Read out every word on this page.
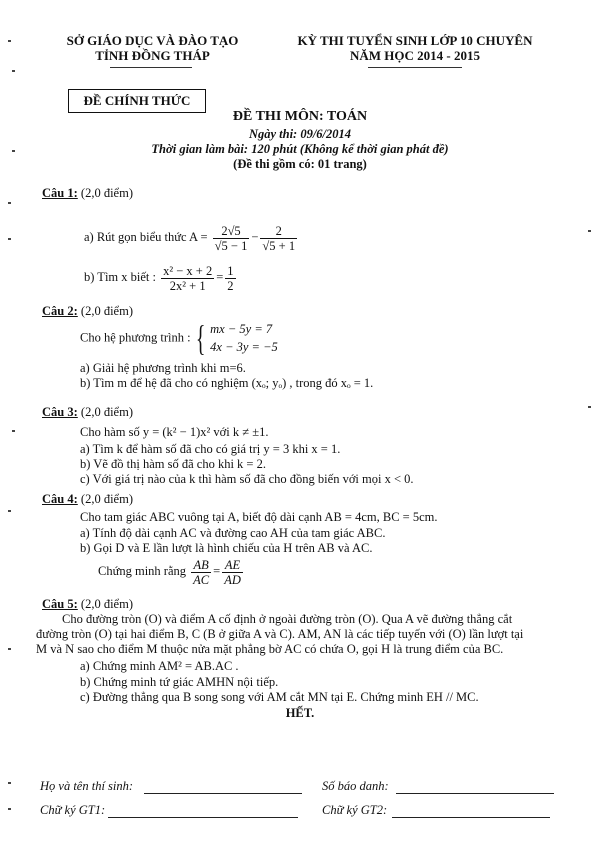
SỞ GIÁO DỤC VÀ ĐÀO TẠO
TỈNH ĐỒNG THÁP
KỲ THI TUYỂN SINH LỚP 10 CHUYÊN
NĂM HỌC 2014 - 2015
ĐỀ CHÍNH THỨC
ĐỀ THI MÔN: TOÁN
Ngày thi: 09/6/2014
Thời gian làm bài: 120 phút (Không kể thời gian phát đề)
(Đề thi gồm có: 01 trang)
Câu 1: (2,0 điểm)
a) Rút gọn biểu thức $A = \frac{2√5}{√5 - 1} - \frac{2}{√5 + 1}$
b) Tìm x biết : $\frac{\text{x² − x + 2}}{\text{2x² + 1}} = \frac{1}{2}$
Câu 2: (2,0 điểm)
Cho hệ phương trình : { mx − 5y = 7
4x − 3y = −5
a) Giải hệ phương trình khi m=6.
b) Tìm m để hệ đã cho có nghiệm (xₒ; yₒ) , trong đó xₒ = 1.
Câu 3: (2,0 điểm)
Cho hàm số y = (k² − 1)x² với k ≠ ±1.
a) Tìm k để hàm số đã cho có giá trị y = 3 khi x = 1.
b) Vẽ đồ thị hàm số đã cho khi k = 2.
c) Với giá trị nào của k thì hàm số đã cho đồng biến với mọi x < 0.
Câu 4: (2,0 điểm)
Cho tam giác ABC vuông tại A, biết độ dài cạnh AB = 4cm, BC = 5cm.
a) Tính độ dài cạnh AC và đường cao AH của tam giác ABC.
b) Gọi D và E lần lượt là hình chiếu của H trên AB và AC.
Chứng minh rằng $\frac{AB}{AC} = \frac{AE}{AD}$
Câu 5: (2,0 điểm)
Cho đường tròn (O) và điểm A cố định ở ngoài đường tròn (O). Qua A vẽ đường thẳng cắt
đường tròn (O) tại hai điểm B, C (B ở giữa A và C). AM, AN là các tiếp tuyến với (O) lần lượt tại
M và N sao cho điểm M thuộc nửa mặt phẳng bờ AC có chứa O, gọi H là trung điểm của BC.
a) Chứng minh AM² = AB.AC .
b) Chứng minh tứ giác AMHN nội tiếp.
c) Đường thẳng qua B song song với AM cắt MN tại E. Chứng minh EH // MC.
HẾT.
Họ và tên thí sinh:	Số báo danh:
Chữ ký GT1:	Chữ ký GT2:
